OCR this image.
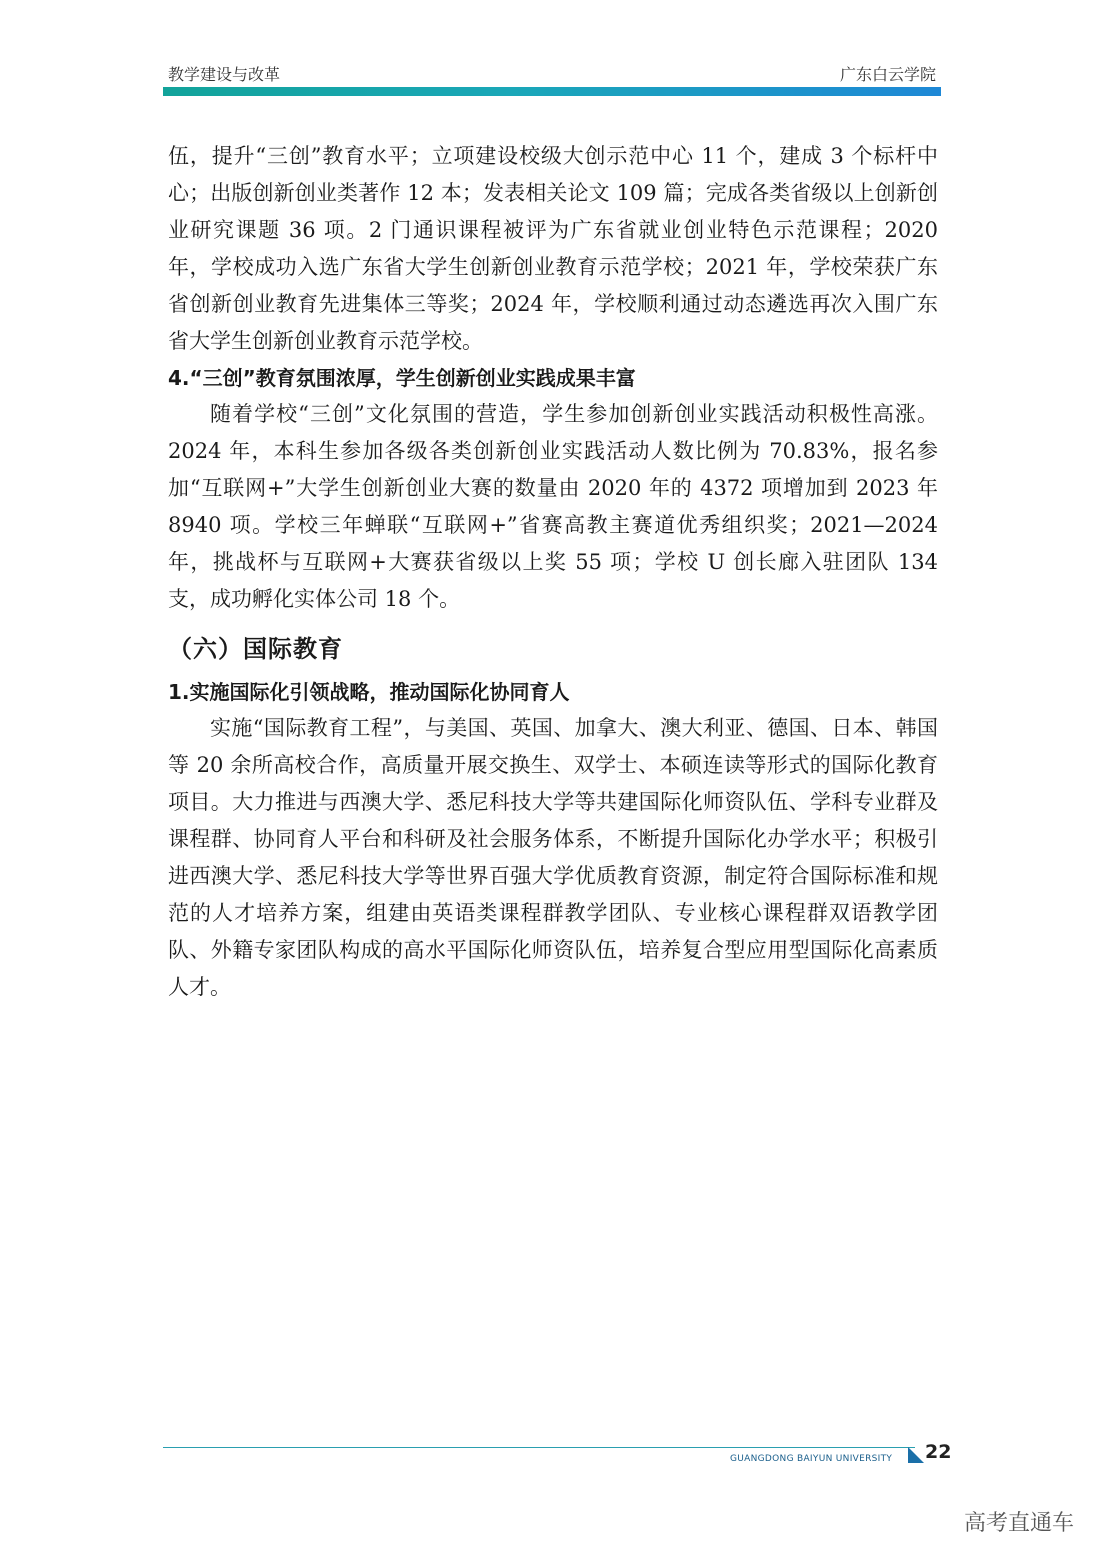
教学建设与改革	广东白云学院

伍，提升“三创”教育水平；立项建设校级大创示范中心 11 个，建成 3 个标杆中心；出版创新创业类著作 12 本；发表相关论文 109 篇；完成各类省级以上创新创业研究课题 36 项。2 门通识课程被评为广东省就业创业特色示范课程；2020 年，学校成功入选广东省大学生创新创业教育示范学校；2021 年，学校荣获广东省创新创业教育先进集体三等奖；2024 年，学校顺利通过动态遴选再次入围广东省大学生创新创业教育示范学校。

4.“三创”教育氛围浓厚，学生创新创业实践成果丰富

随着学校“三创”文化氛围的营造，学生参加创新创业实践活动积极性高涨。2024 年，本科生参加各级各类创新创业实践活动人数比例为 70.83%，报名参加“互联网+”大学生创新创业大赛的数量由 2020 年的 4372 项增加到 2023 年 8940 项。学校三年蝉联“互联网+”省赛高教主赛道优秀组织奖；2021—2024 年，挑战杯与互联网+大赛获省级以上奖 55 项；学校 U 创长廊入驻团队 134 支，成功孵化实体公司 18 个。

（六）国际教育
1.实施国际化引领战略，推动国际化协同育人

实施“国际教育工程”，与美国、英国、加拿大、澳大利亚、德国、日本、韩国等 20 余所高校合作，高质量开展交换生、双学士、本硕连读等形式的国际化教育项目。大力推进与西澳大学、悉尼科技大学等共建国际化师资队伍、学科专业群及课程群、协同育人平台和科研及社会服务体系，不断提升国际化办学水平；积极引进西澳大学、悉尼科技大学等世界百强大学优质教育资源，制定符合国际标准和规范的人才培养方案，组建由英语类课程群教学团队、专业核心课程群双语教学团队、外籍专家团队构成的高水平国际化师资队伍，培养复合型应用型国际化高素质人才。

GUANGDONG BAIYUN UNIVERSITY 22
高考直通车
